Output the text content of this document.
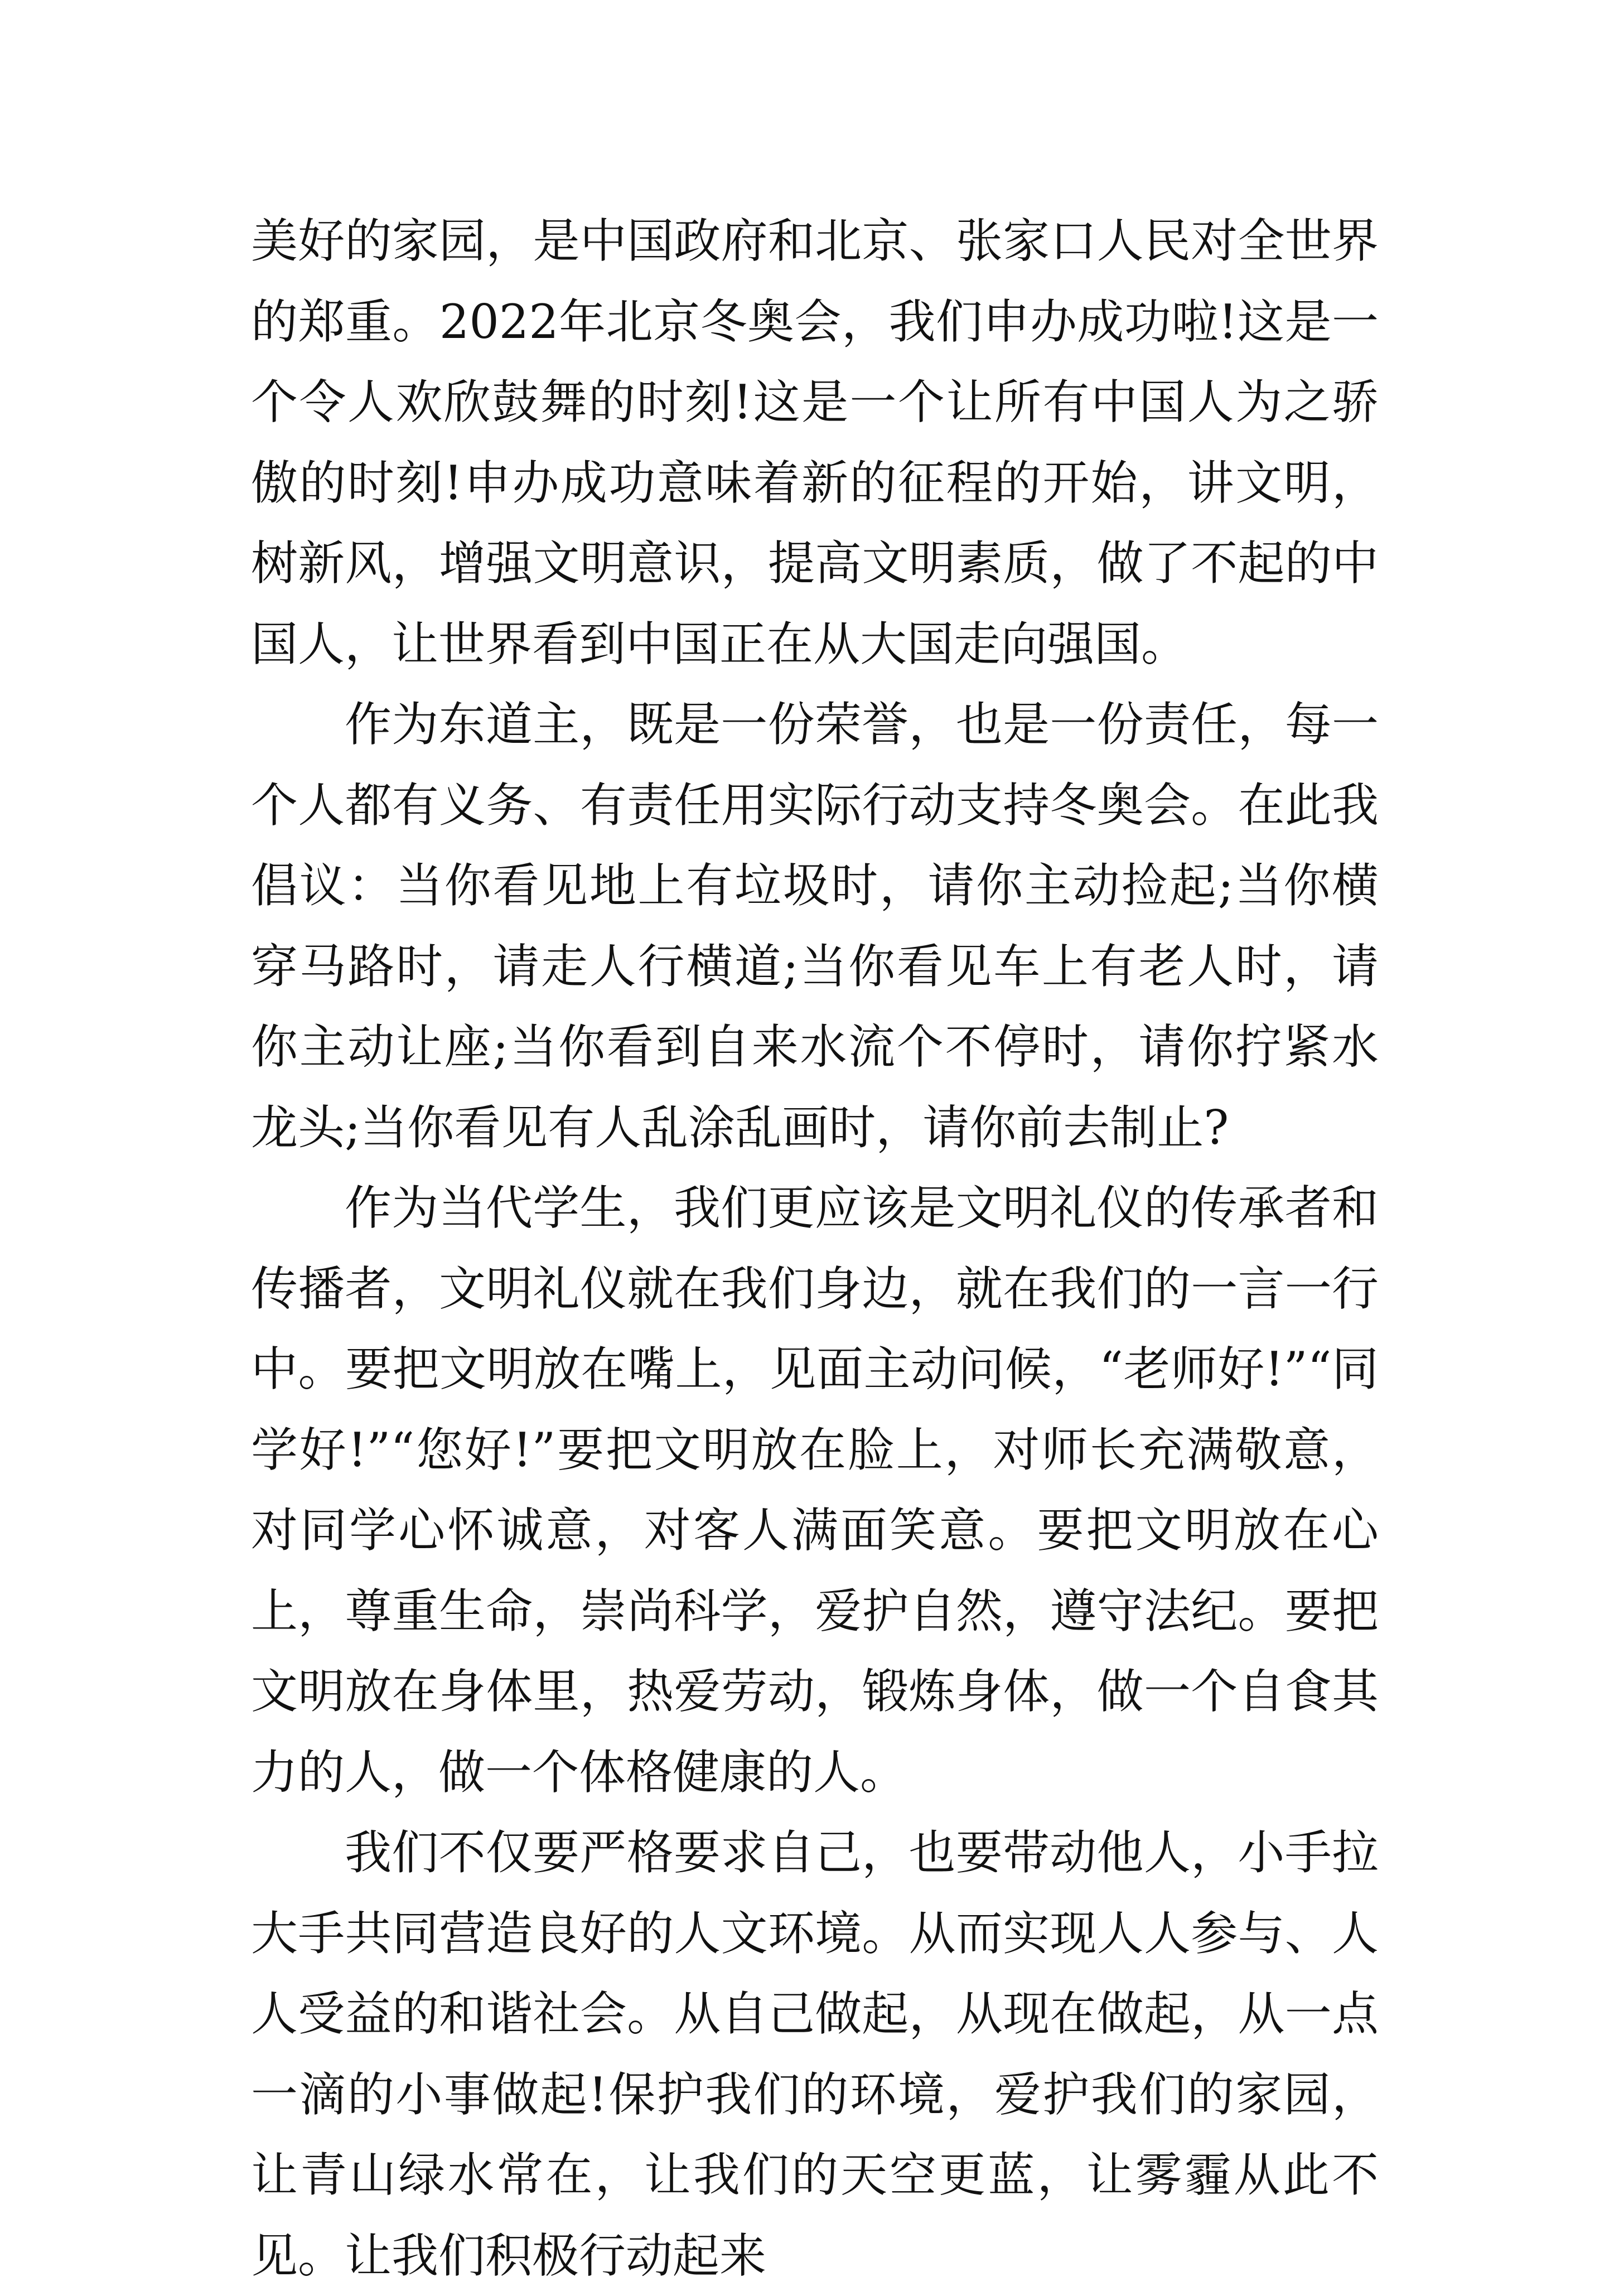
美好的家园，是中国政府和北京、张家口人民对全世界的郑重。2022年北京冬奥会，我们申办成功啦!这是一个令人欢欣鼓舞的时刻!这是一个让所有中国人为之骄傲的时刻!申办成功意味着新的征程的开始，讲文明，树新风，增强文明意识，提高文明素质，做了不起的中国人，让世界看到中国正在从大国走向强国。

作为东道主，既是一份荣誉，也是一份责任，每一个人都有义务、有责任用实际行动支持冬奥会。在此我倡议：当你看见地上有垃圾时，请你主动捡起;当你横穿马路时，请走人行横道;当你看见车上有老人时，请你主动让座;当你看到自来水流个不停时，请你拧紧水龙头;当你看见有人乱涂乱画时，请你前去制止?

作为当代学生，我们更应该是文明礼仪的传承者和传播者，文明礼仪就在我们身边，就在我们的一言一行中。要把文明放在嘴上，见面主动问候，“老师好!”“同学好!”“您好!”要把文明放在脸上，对师长充满敬意，对同学心怀诚意，对客人满面笑意。要把文明放在心上，尊重生命，崇尚科学，爱护自然，遵守法纪。要把文明放在身体里，热爱劳动，锻炼身体，做一个自食其力的人，做一个体格健康的人。

我们不仅要严格要求自己，也要带动他人，小手拉大手共同营造良好的人文环境。从而实现人人参与、人人受益的和谐社会。从自己做起，从现在做起，从一点一滴的小事做起!保护我们的环境，爱护我们的家园，让青山绿水常在，让我们的天空更蓝，让雾霾从此不见。让我们积极行动起来
